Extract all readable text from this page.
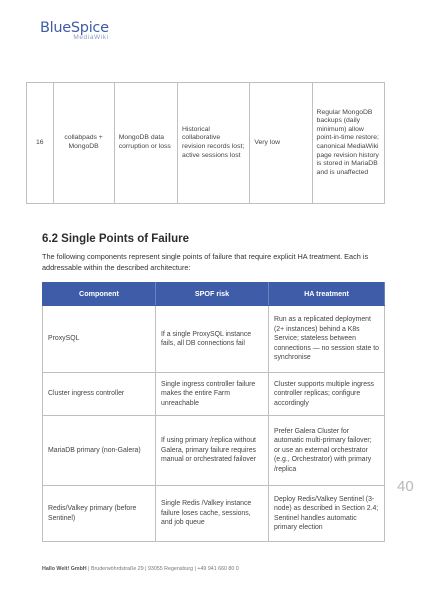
BlueSpice
MediaWiki
16	collabpads + MongoDB	MongoDB data corruption or loss	Historical collaborative revision records lost; active sessions lost	Very low	Regular MongoDB backups (daily minimum) allow point-in-time restore; canonical MediaWiki page revision history is stored in MariaDB and is unaffected
6.2 Single Points of Failure
The following components represent single points of failure that require explicit HA treatment. Each is addressable within the described architecture:
Component	SPOF risk	HA treatment
ProxySQL	If a single ProxySQL instance fails, all DB connections fail	Run as a replicated deployment (2+ instances) behind a K8s Service; stateless between connections — no session state to synchronise
Cluster ingress controller	Single ingress controller failure makes the entire Farm unreachable	Cluster supports multiple ingress controller replicas; configure accordingly
MariaDB primary (non-Galera)	If using primary /replica without Galera, primary failure requires manual or orchestrated failover	Prefer Galera Cluster for automatic multi-primary failover; or use an external orchestrator (e.g., Orchestrator) with primary /replica
Redis/Valkey primary (before Sentinel)	Single Redis /Valkey instance failure loses cache, sessions, and job queue	Deploy Redis/Valkey Sentinel (3-node) as described in Section 2.4; Sentinel handles automatic primary election
40
Hallo Welt! GmbH | Bruderwöhrdstraße 29 | 93055 Regensburg | +49 941 660 80 0
